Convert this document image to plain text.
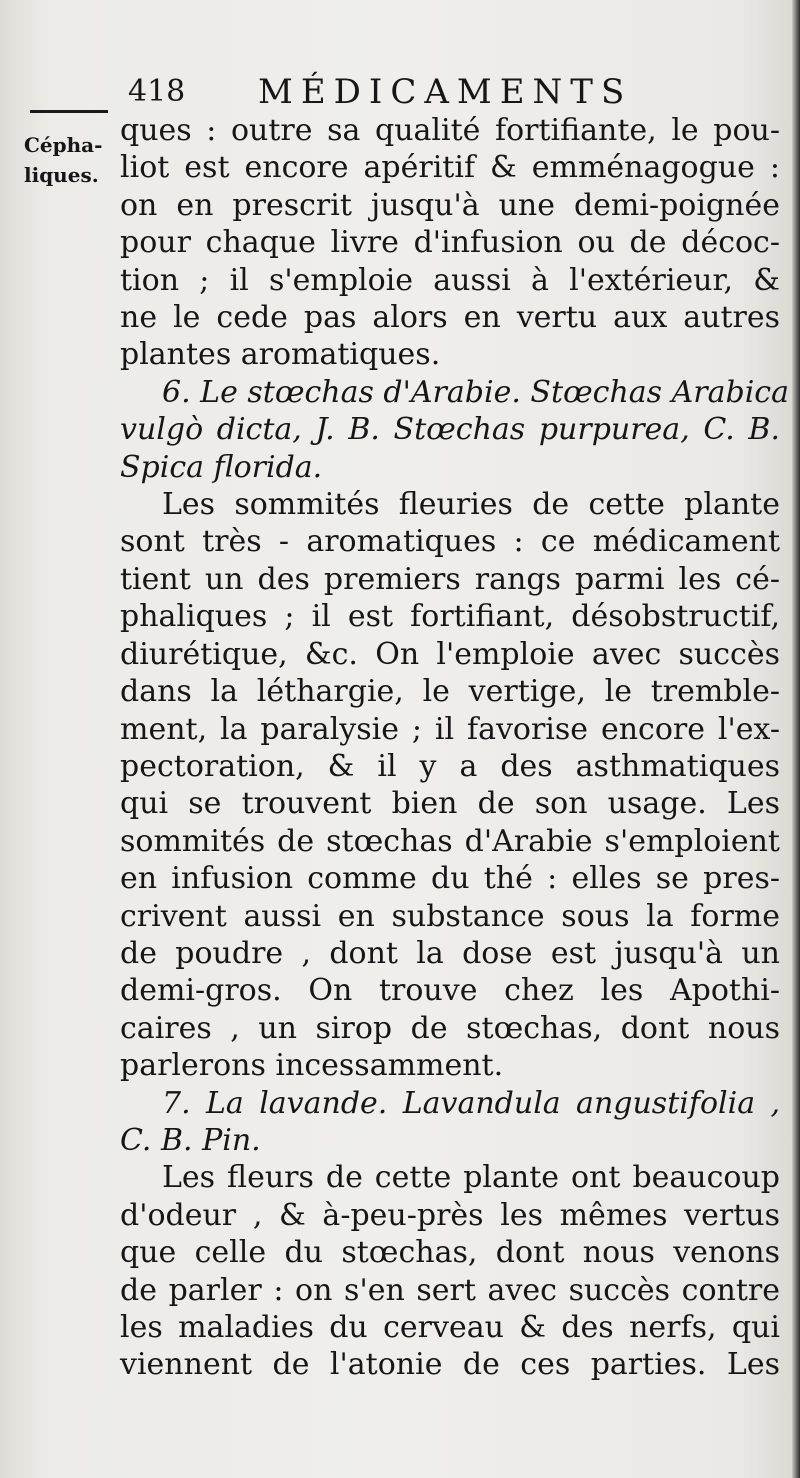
418 MÉDICAMENTS
Cépha-
liques.
ques : outre sa qualité fortifiante, le pou-
liot est encore apéritif & emménagogue :
on en prescrit jusqu'à une demi-poignée
pour chaque livre d'infusion ou de décoc-
tion ; il s'emploie aussi à l'extérieur, &
ne le cede pas alors en vertu aux autres
plantes aromatiques.
6. Le stœchas d'Arabie. Stœchas Arabica
vulgò dicta, J. B. Stœchas purpurea, C. B.
Spica florida.
Les sommités fleuries de cette plante
sont très - aromatiques : ce médicament
tient un des premiers rangs parmi les cé-
phaliques ; il est fortifiant, désobstructif,
diurétique, &c. On l'emploie avec succès
dans la léthargie, le vertige, le tremble-
ment, la paralysie ; il favorise encore l'ex-
pectoration, & il y a des asthmatiques
qui se trouvent bien de son usage. Les
sommités de stœchas d'Arabie s'emploient
en infusion comme du thé : elles se pres-
crivent aussi en substance sous la forme
de poudre , dont la dose est jusqu'à un
demi-gros. On trouve chez les Apothi-
caires , un sirop de stœchas, dont nous
parlerons incessamment.
7. La lavande. Lavandula angustifolia ,
C. B. Pin.
Les fleurs de cette plante ont beaucoup
d'odeur , & à-peu-près les mêmes vertus
que celle du stœchas, dont nous venons
de parler : on s'en sert avec succès contre
les maladies du cerveau & des nerfs, qui
viennent de l'atonie de ces parties. Les
